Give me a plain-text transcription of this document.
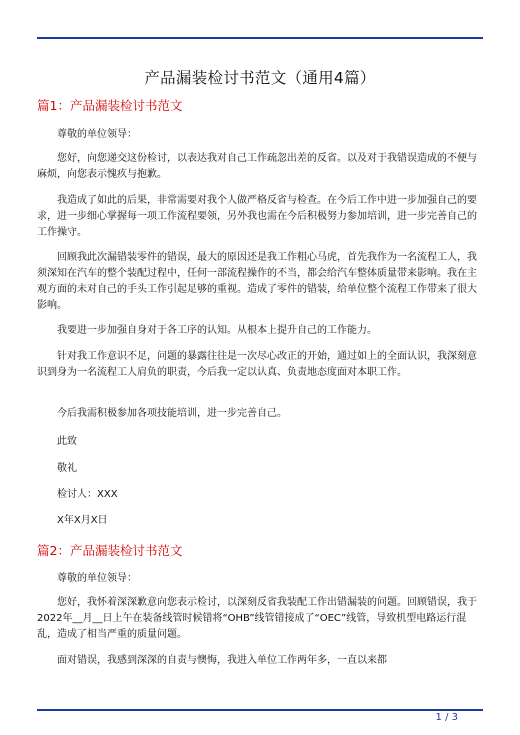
产品漏装检讨书范文（通用4篇）
篇1：产品漏装检讨书范文
尊敬的单位领导：

您好，向您递交这份检讨，以表达我对自己工作疏忽出差的反省。以及对于我错误造成的不便与麻烦，向您表示愧疚与抱歉。

我造成了如此的后果，非常需要对我个人做严格反省与检查。在今后工作中进一步加强自己的要求，进一步细心掌握每一项工作流程要领，另外我也需在今后积极努力参加培训，进一步完善自己的工作操守。

回顾我此次漏错装零件的错误，最大的原因还是我工作粗心马虎，首先我作为一名流程工人，我须深知在汽车的整个装配过程中，任何一部流程操作的不当，都会给汽车整体质量带来影响。我在主观方面的未对自己的手头工作引起足够的重视。造成了零件的错装，给单位整个流程工作带来了很大影响。

我要进一步加强自身对于各工序的认知。从根本上提升自己的工作能力。

针对我工作意识不足，问题的暴露往往是一次尽心改正的开始，通过如上的全面认识，我深刻意识到身为一名流程工人肩负的职责，今后我一定以认真、负责地态度面对本职工作。

今后我需积极参加各项技能培训，进一步完善自己。

此致
敬礼
检讨人：XXX
X年X月X日
篇2：产品漏装检讨书范文
尊敬的单位领导：

您好，我怀着深深歉意向您表示检讨，以深刻反省我装配工作出错漏装的问题。回顾错误，我于2022年__月__日上午在装备线管时候错将“OHB”线管错接成了“OEC”线管，导致机型电路运行混乱，造成了相当严重的质量问题。

面对错误，我感到深深的自责与懊悔，我进入单位工作两年多，一直以来都

1 / 3
